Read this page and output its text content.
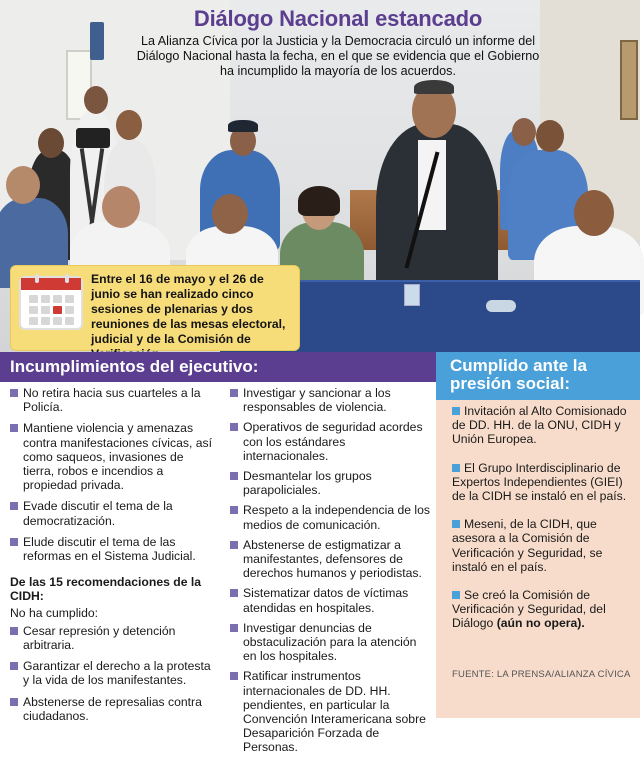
Diálogo Nacional estancado
La Alianza Cívica por la Justicia y la Democracia circuló un informe del Diálogo Nacional hasta la fecha, en el que se evidencia que el Gobierno ha incumplido la mayoría de los acuerdos.
Entre el 16 de mayo y el 26 de junio se han realizado cinco sesiones de plenarias y dos reuniones de las mesas electoral, judicial y de la Comisión de
Incumplimientos del ejecutivo:	Cumplido ante la presión social:
No retira hacia sus cuarteles a la Policía.
Mantiene violencia y amenazas contra manifestaciones cívicas, así como saqueos, invasiones de tierra, robos e incendios a propiedad privada.
Evade discutir el tema de la democratización.
Elude discutir el tema de las reformas en el Sistema Judicial.
De las 15 recomendaciones de la CIDH:
No ha cumplido:
Cesar represión y detención arbitraria.
Garantizar el derecho a la protesta y la vida de los manifestantes.
Abstenerse de represalias contra ciudadanos.
Investigar y sancionar a los responsables de violencia.
Operativos de seguridad acordes con los estándares internacionales.
Desmantelar los grupos parapoliciales.
Respeto a la independencia de los medios de comunicación.
Abstenerse de estigmatizar a manifestantes, defensores de derechos humanos y periodistas.
Sistematizar datos de víctimas atendidas en hospitales.
Investigar denuncias de obstaculización para la atención en los hospitales.
Ratificar instrumentos internacionales de DD. HH. pendientes, en particular la Convención Interamericana sobre Desaparición Forzada de Personas.
Invitación al Alto Comisionado de DD. HH. de la ONU, CIDH y Unión Europea.
El Grupo Interdisciplinario de Expertos Independientes (GIEI) de la CIDH se instaló en el país.
Meseni, de la CIDH, que asesora a la Comisión de Verificación y Seguridad, se instaló en el país.
Se creó la Comisión de Verificación y Seguridad, del Diálogo (aún no opera).
FUENTE: LA PRENSA/ALIANZA CÍVICA
